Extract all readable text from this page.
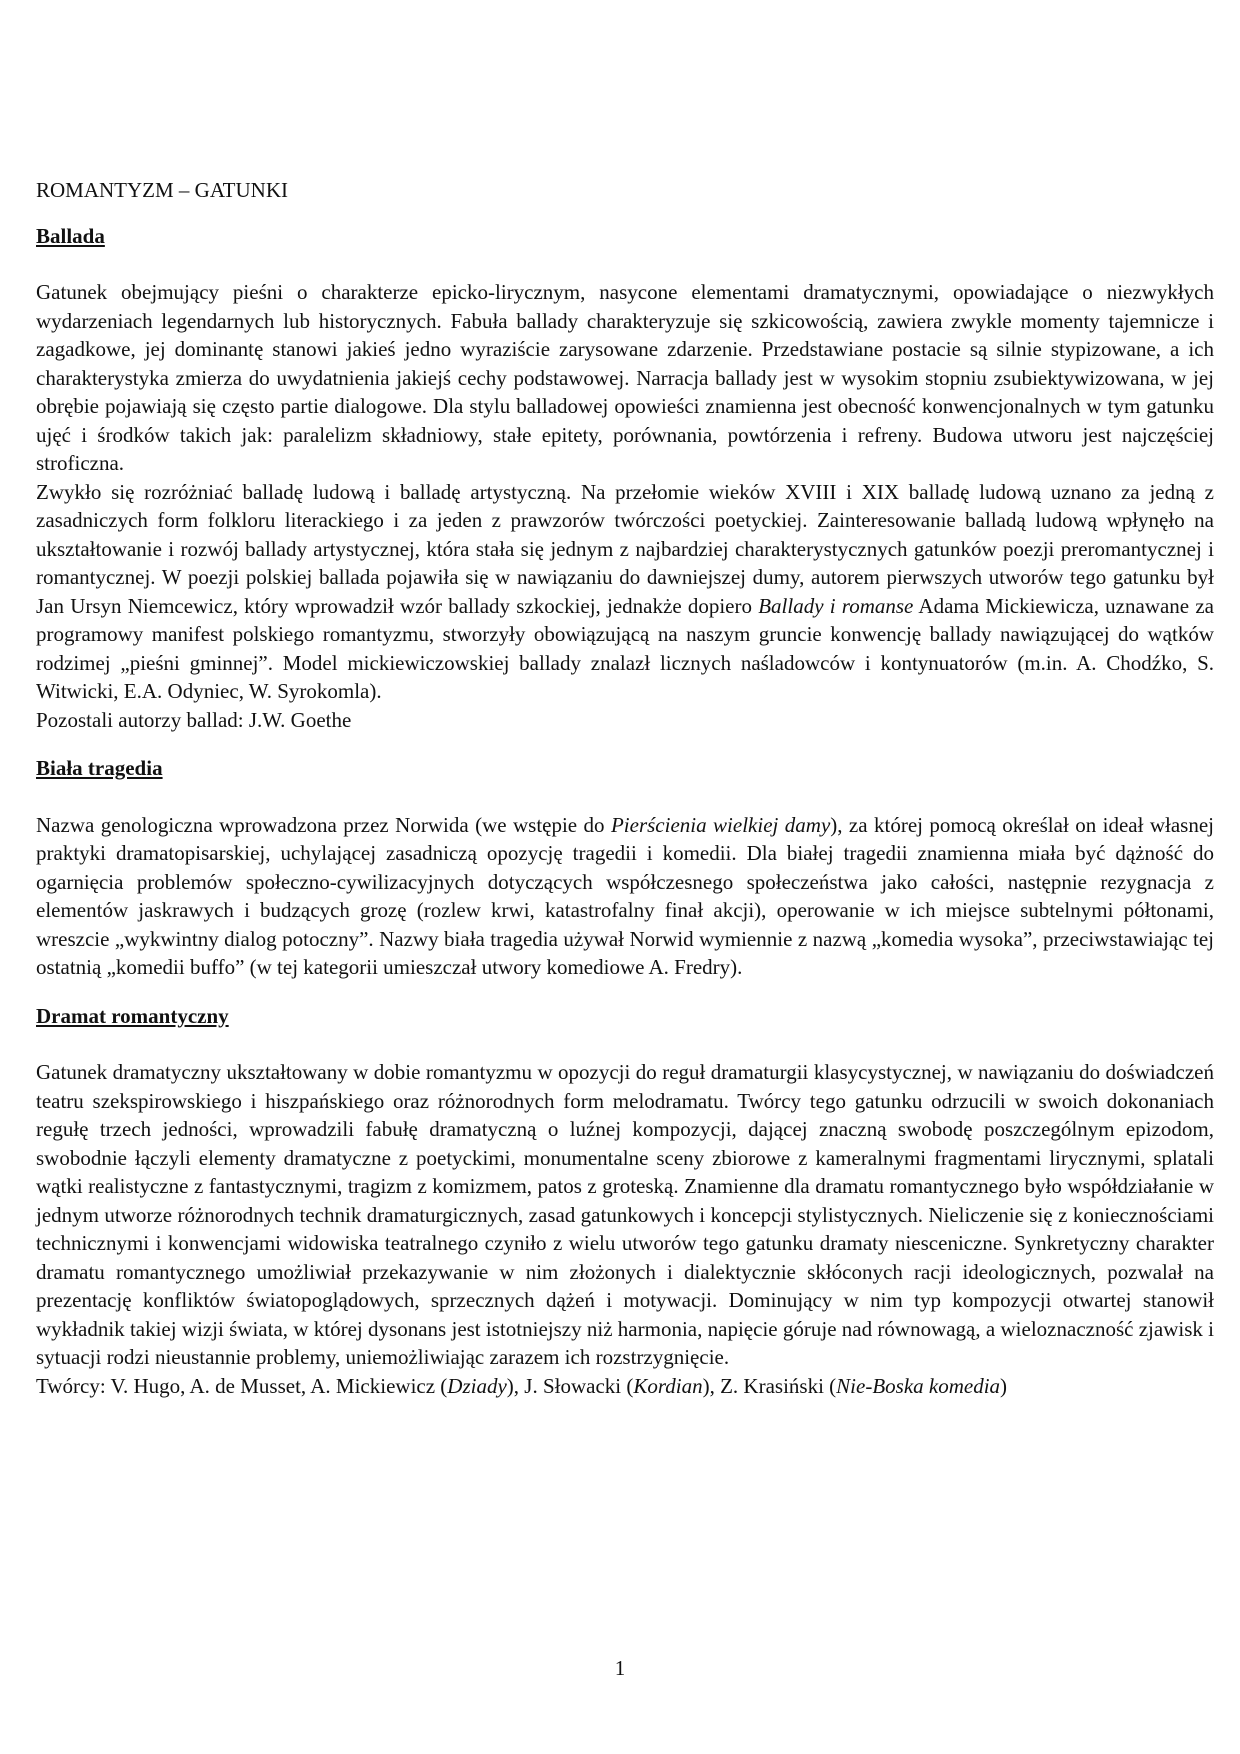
ROMANTYZM – GATUNKI

Ballada

Gatunek obejmujący pieśni o charakterze epicko-lirycznym, nasycone elementami dramatycznymi, opowiadające o niezwykłych wydarzeniach legendarnych lub historycznych. Fabuła ballady charakteryzuje się szkicowością, zawiera zwykle momenty tajemnicze i zagadkowe, jej dominantę stanowi jakieś jedno wyraziście zarysowane zdarzenie. Przedstawiane postacie są silnie stypizowane, a ich charakterystyka zmierza do uwydatnienia jakiejś cechy podstawowej. Narracja ballady jest w wysokim stopniu zsubiektywizowana, w jej obrębie pojawiają się często partie dialogowe. Dla stylu balladowej opowieści znamienna jest obecność konwencjonalnych w tym gatunku ujęć i środków takich jak: paralelizm składniowy, stałe epitety, porównania, powtórzenia i refreny. Budowa utworu jest najczęściej stroficzna.

Zwykło się rozróżniać balladę ludową i balladę artystyczną. Na przełomie wieków XVIII i XIX balladę ludową uznano za jedną z zasadniczych form folkloru literackiego i za jeden z prawzorów twórczości poetyckiej. Zainteresowanie balladą ludową wpłynęło na ukształtowanie i rozwój ballady artystycznej, która stała się jednym z najbardziej charakterystycznych gatunków poezji preromantycznej i romantycznej. W poezji polskiej ballada pojawiła się w nawiązaniu do dawniejszej dumy, autorem pierwszych utworów tego gatunku był Jan Ursyn Niemcewicz, który wprowadził wzór ballady szkockiej, jednakże dopiero Ballady i romanse Adama Mickiewicza, uznawane za programowy manifest polskiego romantyzmu, stworzyły obowiązującą na naszym gruncie konwencję ballady nawiązującej do wątków rodzimej „pieśni gminnej”. Model mickiewiczowskiej ballady znalazł licznych naśladowców i kontynuatorów (m.in. A. Chodźko, S. Witwicki, E.A. Odyniec, W. Syrokomla).

Pozostali autorzy ballad: J.W. Goethe

Biała tragedia

Nazwa genologiczna wprowadzona przez Norwida (we wstępie do Pierścienia wielkiej damy), za której pomocą określał on ideał własnej praktyki dramatopisarskiej, uchylającej zasadniczą opozycję tragedii i komedii. Dla białej tragedii znamienna miała być dążność do ogarnięcia problemów społeczno-cywilizacyjnych dotyczących współczesnego społeczeństwa jako całości, następnie rezygnacja z elementów jaskrawych i budzących grozę (rozlew krwi, katastrofalny finał akcji), operowanie w ich miejsce subtelnymi półtonami, wreszcie „wykwintny dialog potoczny”. Nazwy biała tragedia używał Norwid wymiennie z nazwą „komedia wysoka”, przeciwstawiając tej ostatnią „komedii buffo” (w tej kategorii umieszczał utwory komediowe A. Fredry).

Dramat romantyczny

Gatunek dramatyczny ukształtowany w dobie romantyzmu w opozycji do reguł dramaturgii klasycystycznej, w nawiązaniu do doświadczeń teatru szekspirowskiego i hiszpańskiego oraz różnorodnych form melodramatu. Twórcy tego gatunku odrzucili w swoich dokonaniach regułę trzech jedności, wprowadzili fabułę dramatyczną o luźnej kompozycji, dającej znaczną swobodę poszczególnym epizodom, swobodnie łączyli elementy dramatyczne z poetyckimi, monumentalne sceny zbiorowe z kameralnymi fragmentami lirycznymi, splatali wątki realistyczne z fantastycznymi, tragizm z komizmem, patos z groteską. Znamienne dla dramatu romantycznego było współdziałanie w jednym utworze różnorodnych technik dramaturgicznych, zasad gatunkowych i koncepcji stylistycznych. Nieliczenie się z koniecznościami technicznymi i konwencjami widowiska teatralnego czyniło z wielu utworów tego gatunku dramaty niesceniczne. Synkretyczny charakter dramatu romantycznego umożliwiał przekazywanie w nim złożonych i dialektycznie skłóconych racji ideologicznych, pozwalał na prezentację konfliktów światopoglądowych, sprzecznych dążeń i motywacji. Dominujący w nim typ kompozycji otwartej stanowił wykładnik takiej wizji świata, w której dysonans jest istotniejszy niż harmonia, napięcie góruje nad równowagą, a wieloznaczność zjawisk i sytuacji rodzi nieustannie problemy, uniemożliwiając zarazem ich rozstrzygnięcie.

Twórcy: V. Hugo, A. de Musset, A. Mickiewicz (Dziady), J. Słowacki (Kordian), Z. Krasiński (Nie-Boska komedia)

1
